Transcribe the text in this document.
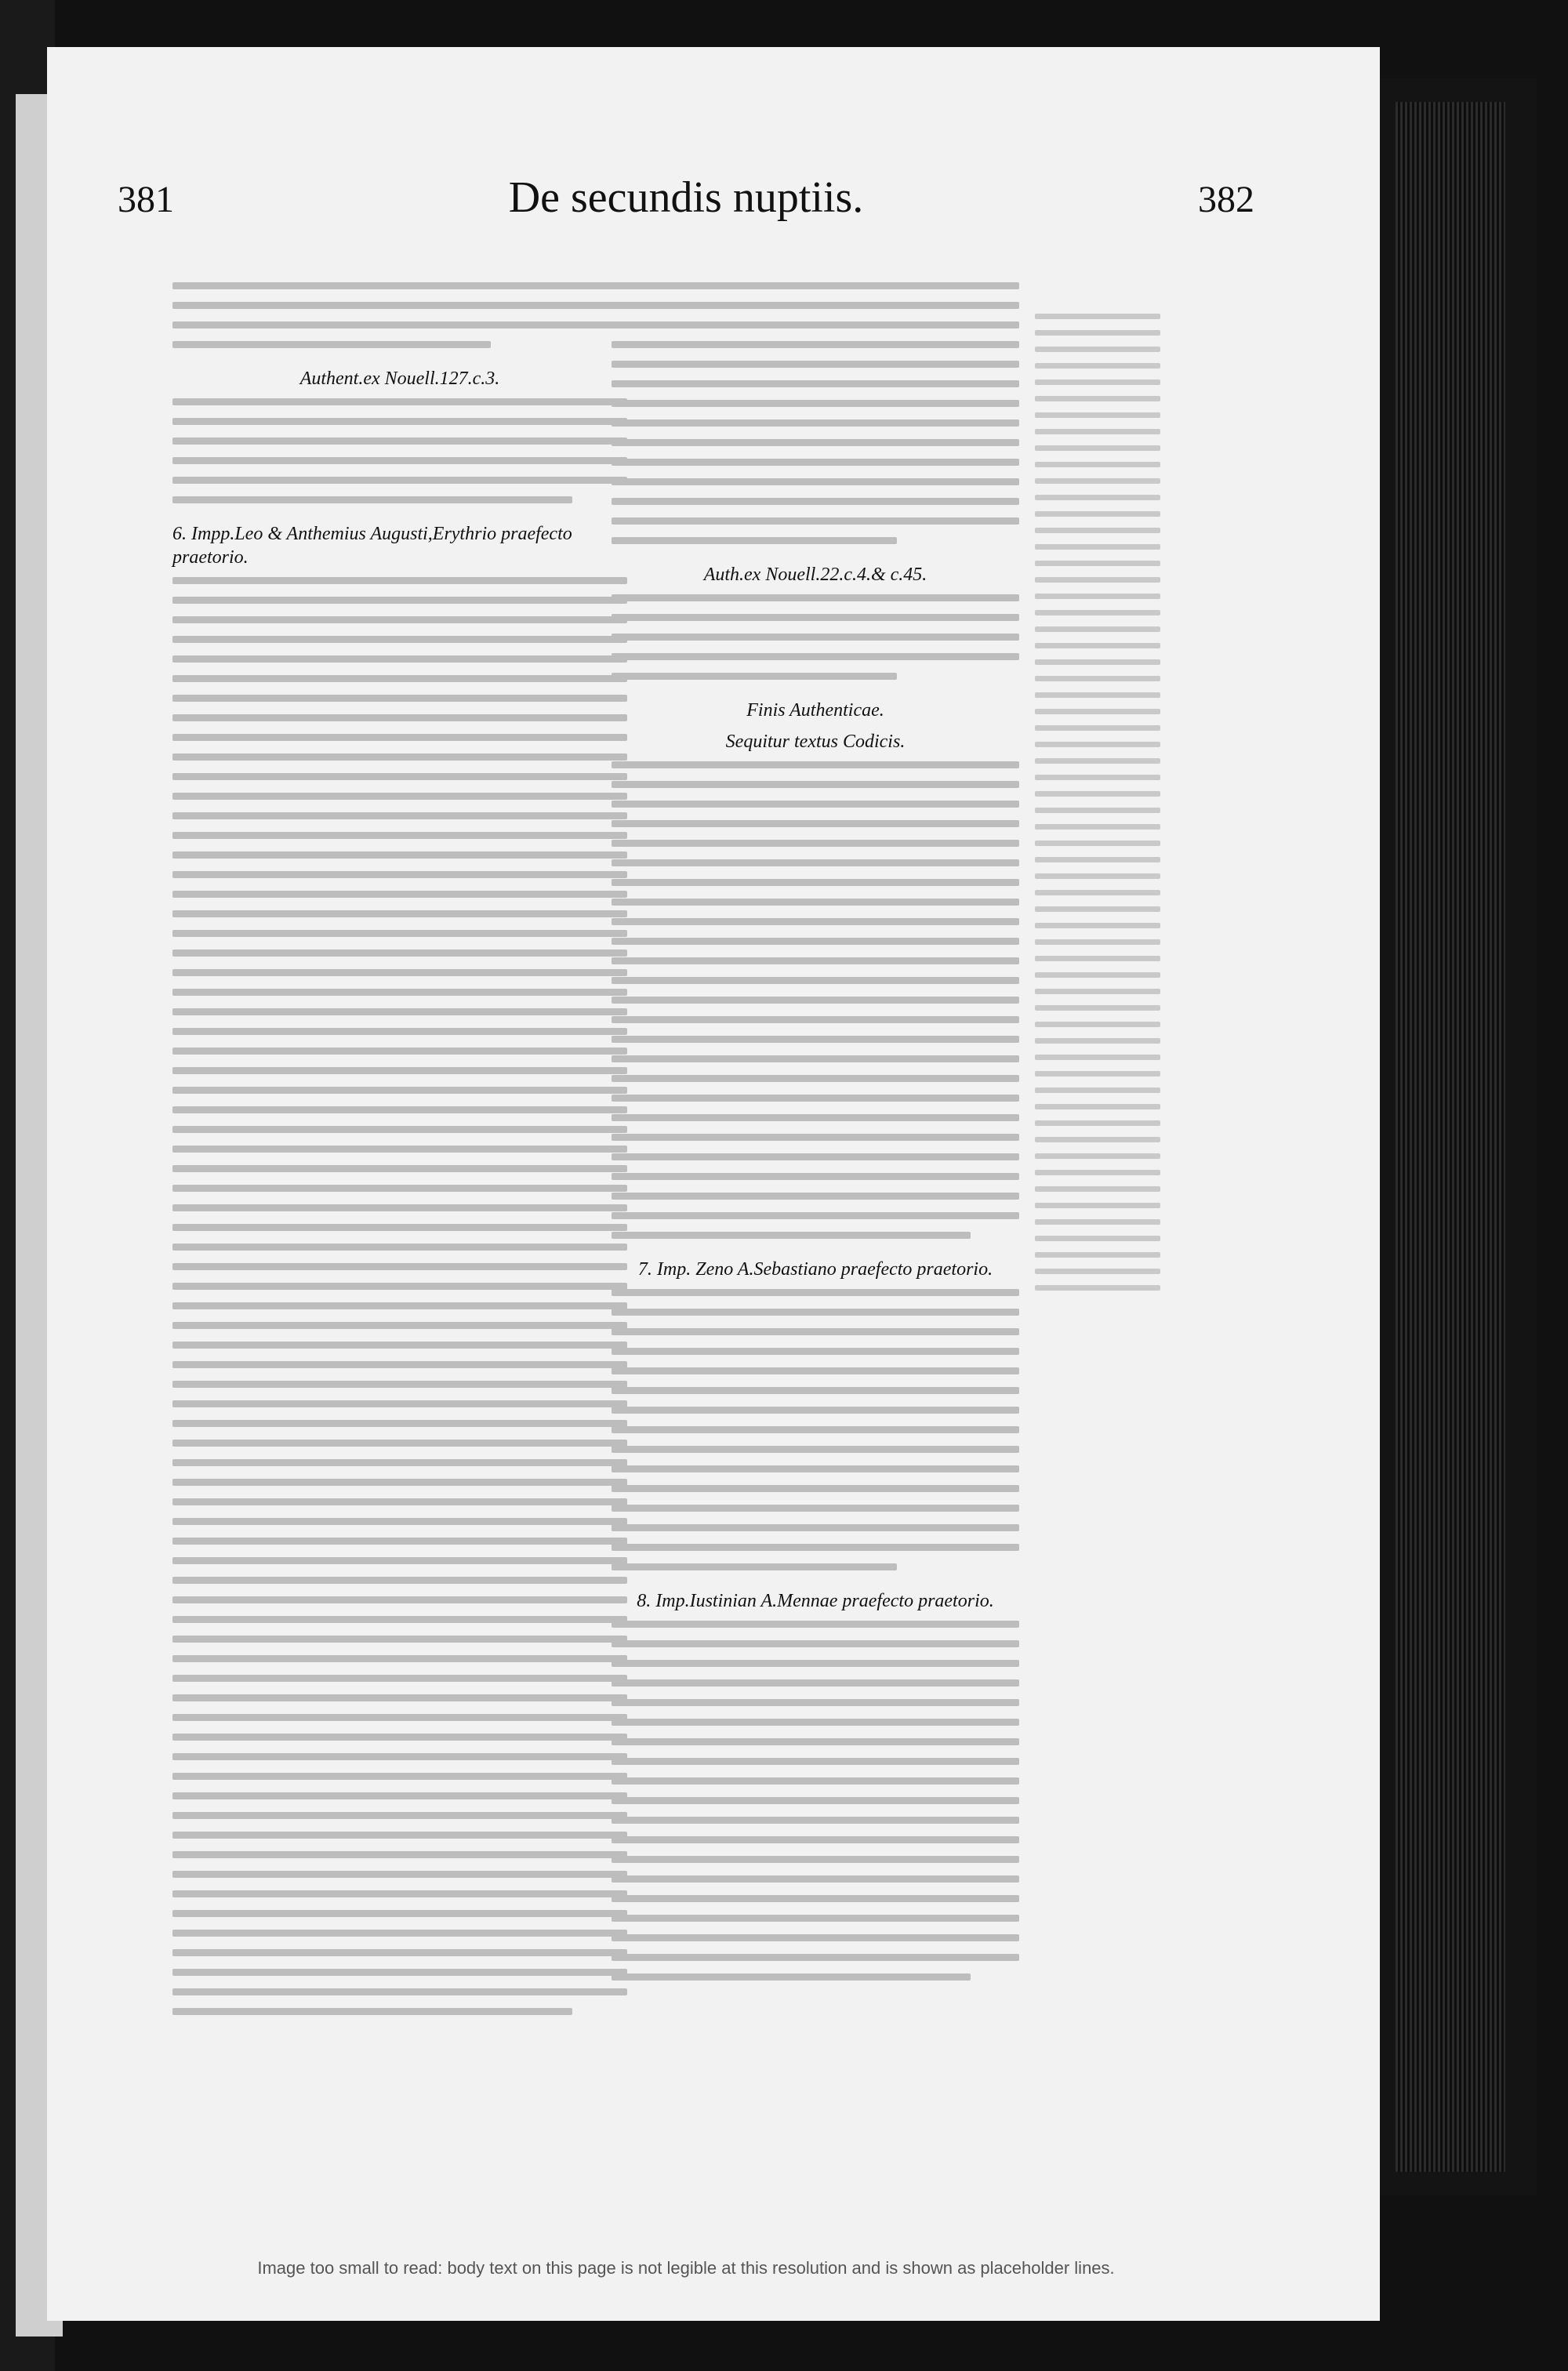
381	De secundis nuptiis.	382
Authent.ex Nouell.127.c.3.
6. Impp.Leo & Anthemius Augusti,Erythrio praefecto praetorio.
Auth.ex Nouell.22.c.4.& c.45.
Finis Authenticae.
Sequitur textus Codicis.
7. Imp. Zeno A.Sebastiano praefecto praetorio.
8. Imp.Iustinian A.Mennae praefecto praetorio.
Image too small to read: body text on this page is not legible at this resolution and is shown as placeholder lines.
